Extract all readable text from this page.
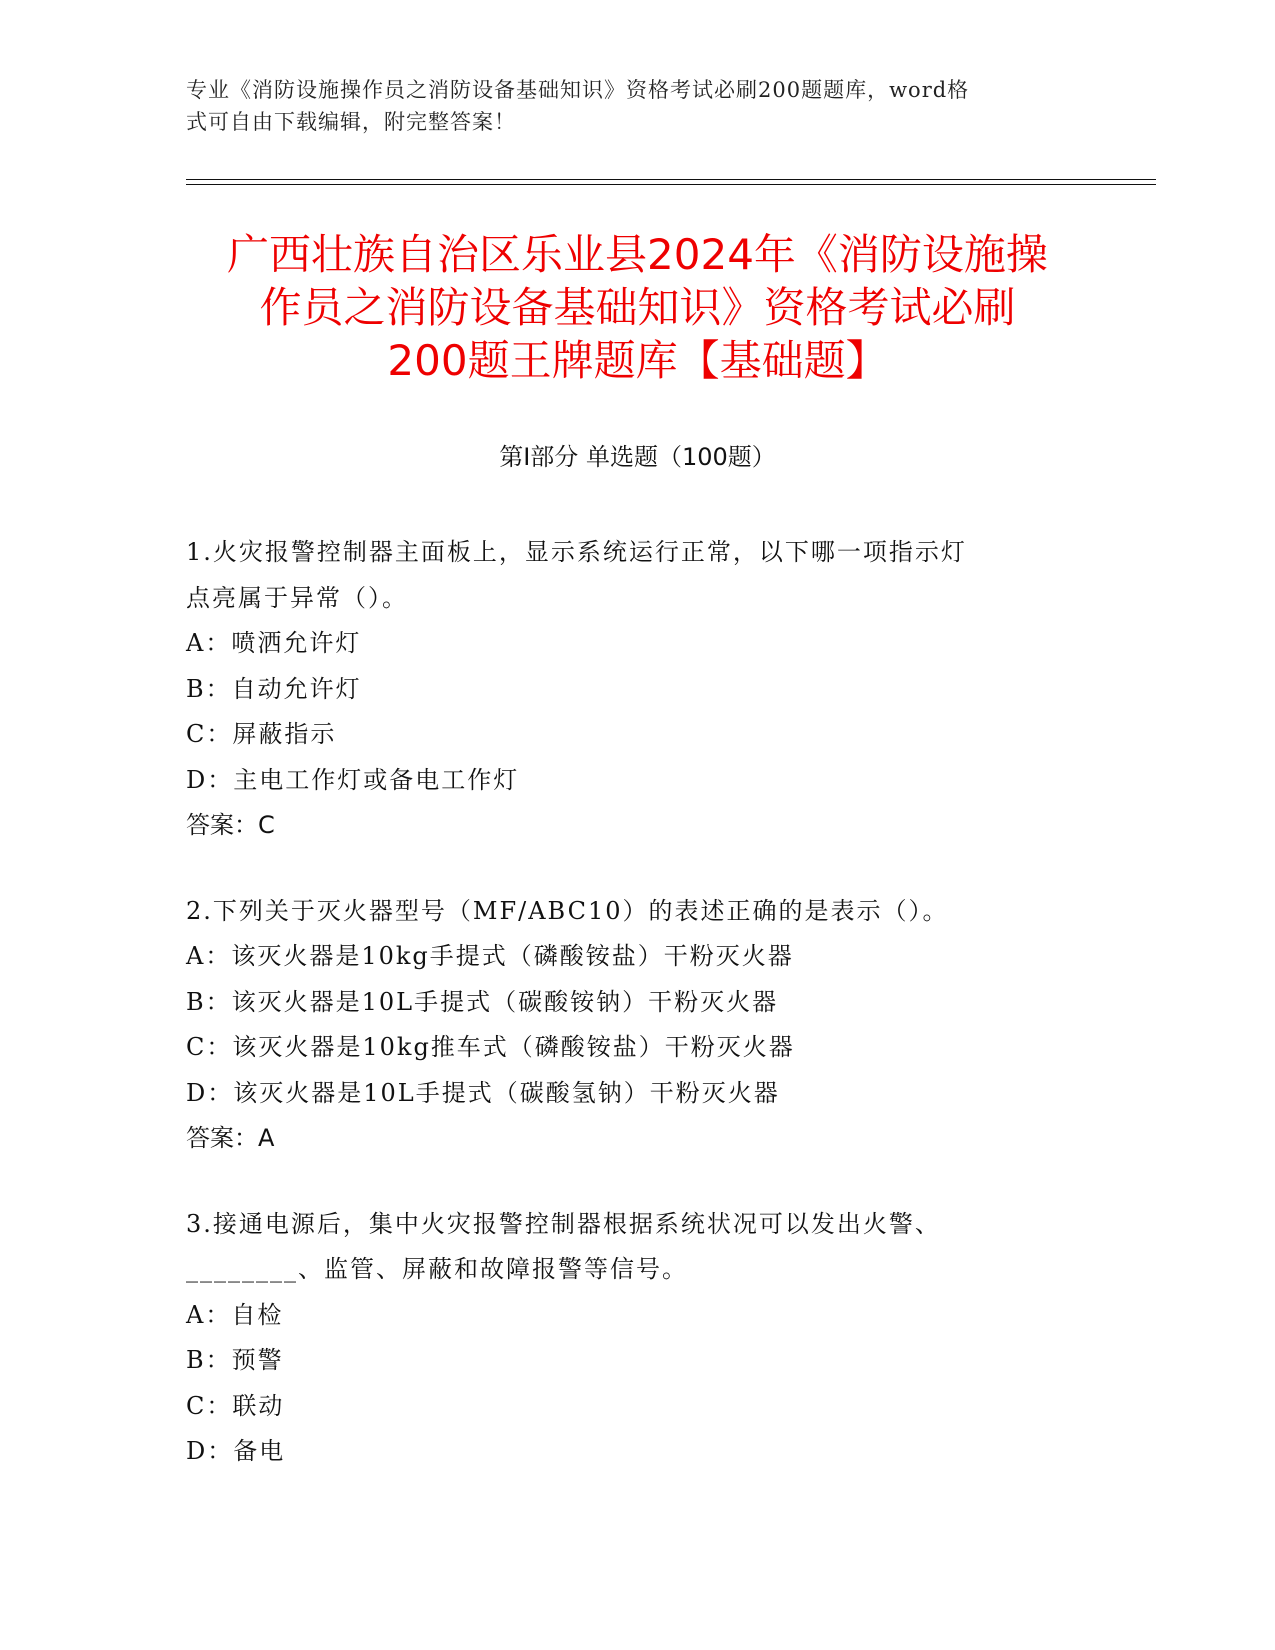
专业《消防设施操作员之消防设备基础知识》资格考试必刷200题题库，word格
式可自由下载编辑，附完整答案！
广西壮族自治区乐业县2024年《消防设施操
作员之消防设备基础知识》资格考试必刷
200题王牌题库【基础题】
第Ⅰ部分 单选题（100题）
1.火灾报警控制器主面板上，显示系统运行正常，以下哪一项指示灯
点亮属于异常（）。
A：喷洒允许灯
B：自动允许灯
C：屏蔽指示
D：主电工作灯或备电工作灯
答案：C
2.下列关于灭火器型号（MF/ABC10）的表述正确的是表示（）。
A：该灭火器是10kg手提式（磷酸铵盐）干粉灭火器
B：该灭火器是10L手提式（碳酸铵钠）干粉灭火器
C：该灭火器是10kg推车式（磷酸铵盐）干粉灭火器
D：该灭火器是10L手提式（碳酸氢钠）干粉灭火器
答案：A
3.接通电源后，集中火灾报警控制器根据系统状况可以发出火警、
________、监管、屏蔽和故障报警等信号。
A：自检
B：预警
C：联动
D：备电
